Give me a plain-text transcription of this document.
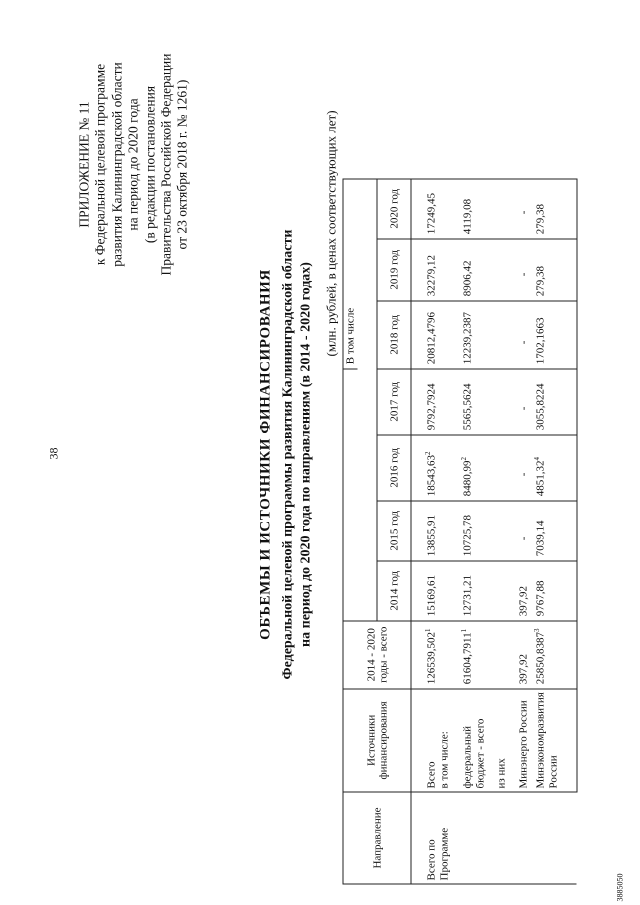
38
ПРИЛОЖЕНИЕ № 11 к Федеральной целевой программе развития Калининградской области на период до 2020 года (в редакции постановления Правительства Российской Федерации от 23 октября 2018 г. № 1261)
ОБЪЕМЫ И ИСТОЧНИКИ ФИНАНСИРОВАНИЯ Федеральной целевой программы развития Калининградской области на период до 2020 года по направлениям (в 2014 - 2020 годах)
(млн. рублей, в ценах соответствующих лет)
3885050
Направление	Источники финансирования	2014 - 2020 годы - всего					В том числе		

			2014 год	2015 год	2016 год	2017 год	2018 год	2019 год	2020 год
Всего по Программе	Всего в том числе:	126539,502$^1$	15169,61	13855,91	18543,63$^2$	9792,7924	20812,4796	32279,12	17249,45
	федеральный бюджет - всего	61604,7911$^1$	12731,21	10725,78	8480,99$^2$	5565,5624	12239,2387	8906,42	4119,08
	из них								
	Минэнерго России	397,92	397,92	-	-	-	-	-	-
	Минэкономразвития России	25850,8387$^3$	9767,88	7039,14	4851,32$^4$	3055,8224	1702,1663	279,38	279,38
